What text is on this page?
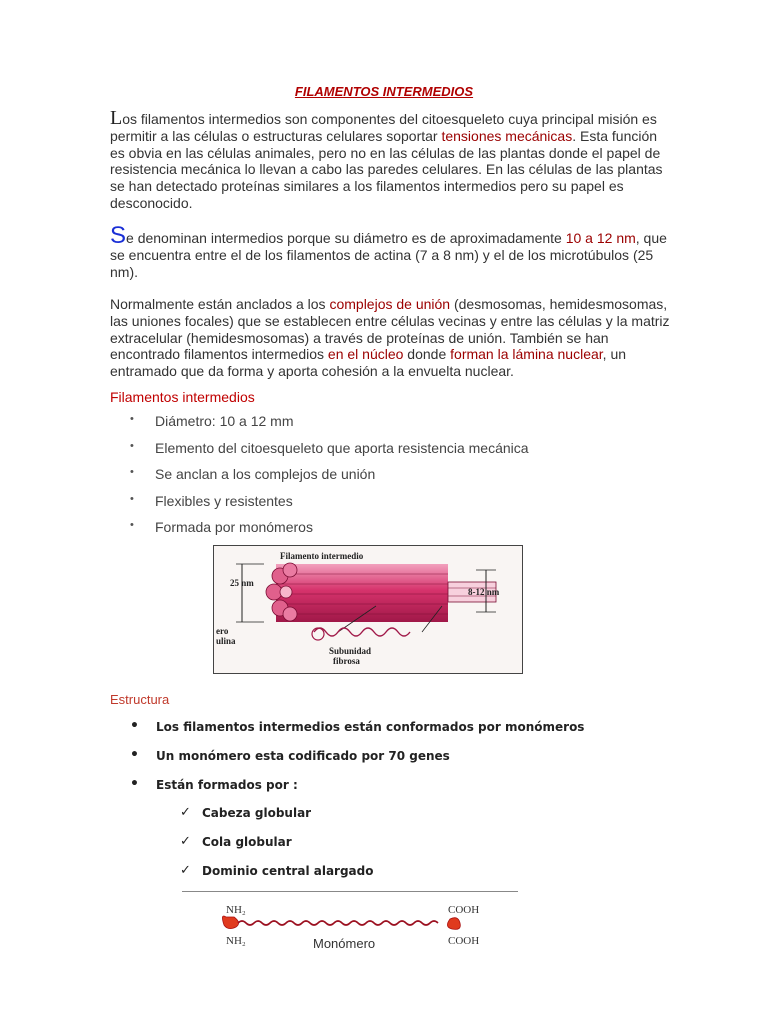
FILAMENTOS INTERMEDIOS
Los filamentos intermedios son componentes del citoesqueleto cuya principal misión es permitir a las células o estructuras celulares soportar tensiones mecánicas. Esta función es obvia en las células animales, pero no en las células de las plantas donde el papel de resistencia mecánica lo llevan a cabo las paredes celulares. En las células de las plantas se han detectado proteínas similares a los filamentos intermedios pero su papel es desconocido.
Se denominan intermedios porque su diámetro es de aproximadamente 10 a 12 nm, que se encuentra entre el de los filamentos de actina (7 a 8 nm) y el de los microtúbulos (25 nm).
Normalmente están anclados a los complejos de unión (desmosomas, hemidesmosomas, las uniones focales) que se establecen entre células vecinas y entre las células y la matriz extracelular (hemidesmosomas) a través de proteínas de unión. También se han encontrado filamentos intermedios en el núcleo donde forman la lámina nuclear, un entramado que da forma y aporta cohesión a la envuelta nuclear.
Filamentos intermedios
• Diámetro: 10 a 12 mm
• Elemento del citoesqueleto que aporta resistencia mecánica
• Se anclan a los complejos de unión
• Flexibles y resistentes
• Formada por monómeros
25 nm
8-12 nm
Filamento intermedio
Subunidad
fibrosa
ero
ulina
Estructura
• Los filamentos intermedios están conformados por monómeros
• Un monómero esta codificado por 70 genes
• Están formados por :
✓ Cabeza globular
✓ Cola globular
✓ Dominio central alargado
NH₂	COOH
NH₂	Monómero	COOH
